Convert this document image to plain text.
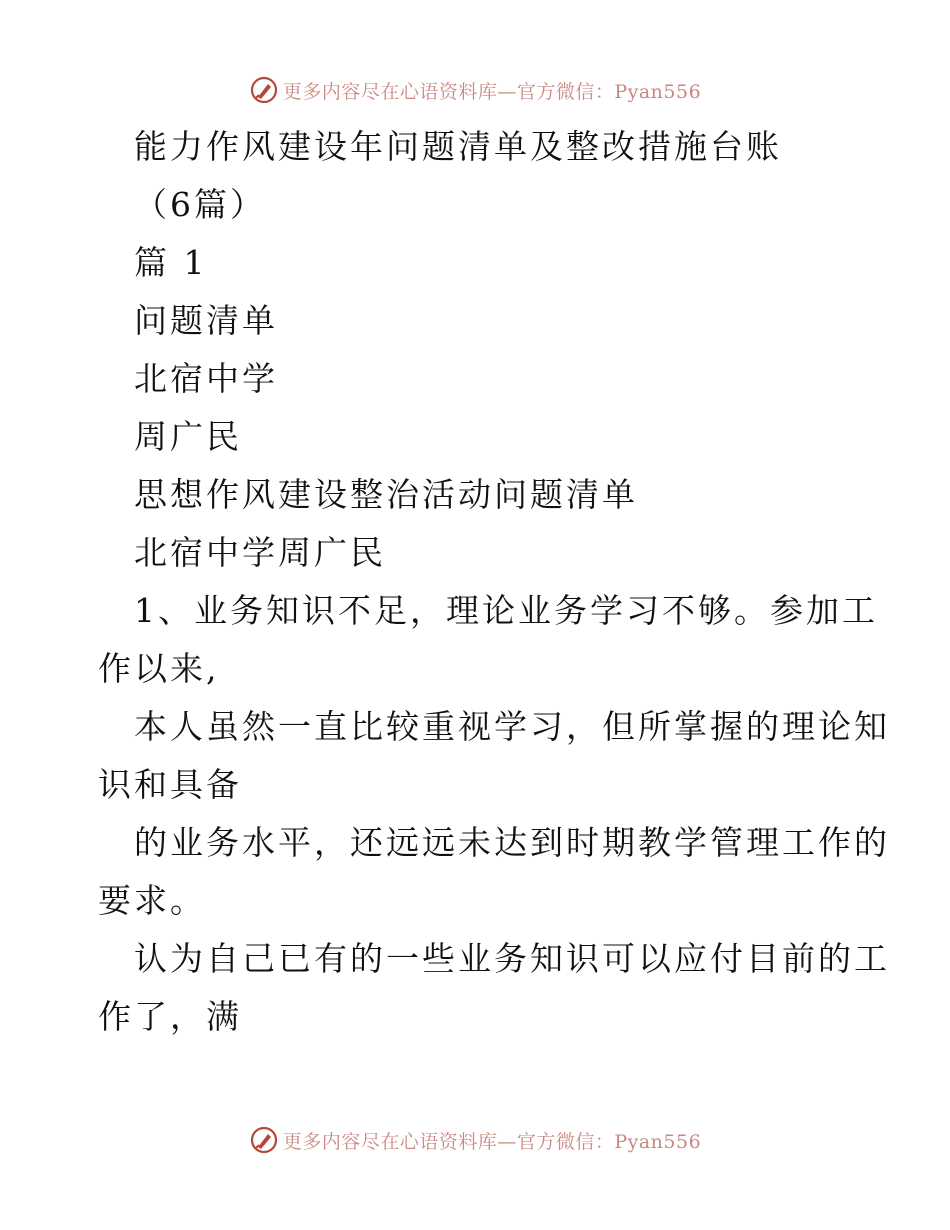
更多内容尽在心语资料库—官方微信：Pyan556
能力作风建设年问题清单及整改措施台账
（6篇）
篇 1
问题清单
北宿中学
周广民
思想作风建设整治活动问题清单
北宿中学周广民
1、业务知识不足，理论业务学习不够。参加工
作以来,
本人虽然一直比较重视学习，但所掌握的理论知
识和具备
的业务水平，还远远未达到时期教学管理工作的
要求。
认为自己已有的一些业务知识可以应付目前的工
作了，满
更多内容尽在心语资料库—官方微信：Pyan556
